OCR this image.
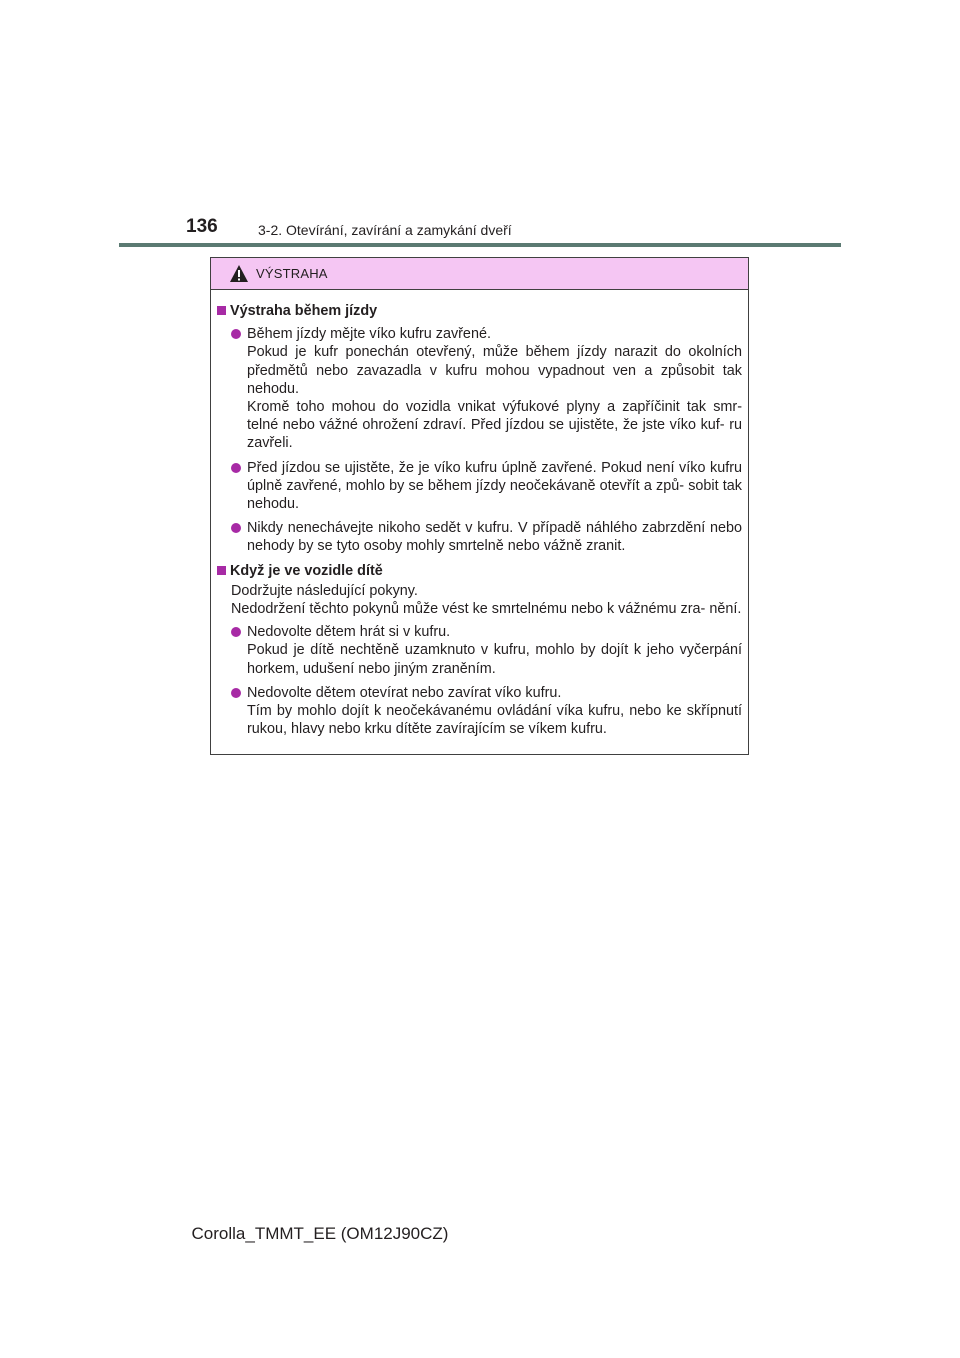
136	3-2. Otevírání, zavírání a zamykání dveří
VÝSTRAHA
Výstraha během jízdy
Během jízdy mějte víko kufru zavřené.
Pokud je kufr ponechán otevřený, může během jízdy narazit do okolních předmětů nebo zavazadla v kufru mohou vypadnout ven a způsobit tak nehodu.
Kromě toho mohou do vozidla vnikat výfukové plyny a zapříčinit tak smr- telné nebo vážné ohrožení zdraví. Před jízdou se ujistěte, že jste víko kuf- ru zavřeli.
Před jízdou se ujistěte, že je víko kufru úplně zavřené. Pokud není víko kufru úplně zavřené, mohlo by se během jízdy neočekávaně otevřít a způ- sobit tak nehodu.
Nikdy nenechávejte nikoho sedět v kufru. V případě náhlého zabrzdění nebo nehody by se tyto osoby mohly smrtelně nebo vážně zranit.
Když je ve vozidle dítě
Dodržujte následující pokyny.
Nedodržení těchto pokynů může vést ke smrtelnému nebo k vážnému zra- nění.
Nedovolte dětem hrát si v kufru.
Pokud je dítě nechtěně uzamknuto v kufru, mohlo by dojít k jeho vyčerpání horkem, udušení nebo jiným zraněním.
Nedovolte dětem otevírat nebo zavírat víko kufru.
Tím by mohlo dojít k neočekávanému ovládání víka kufru, nebo ke skřípnutí rukou, hlavy nebo krku dítěte zavírajícím se víkem kufru.
Corolla_TMMT_EE (OM12J90CZ)
